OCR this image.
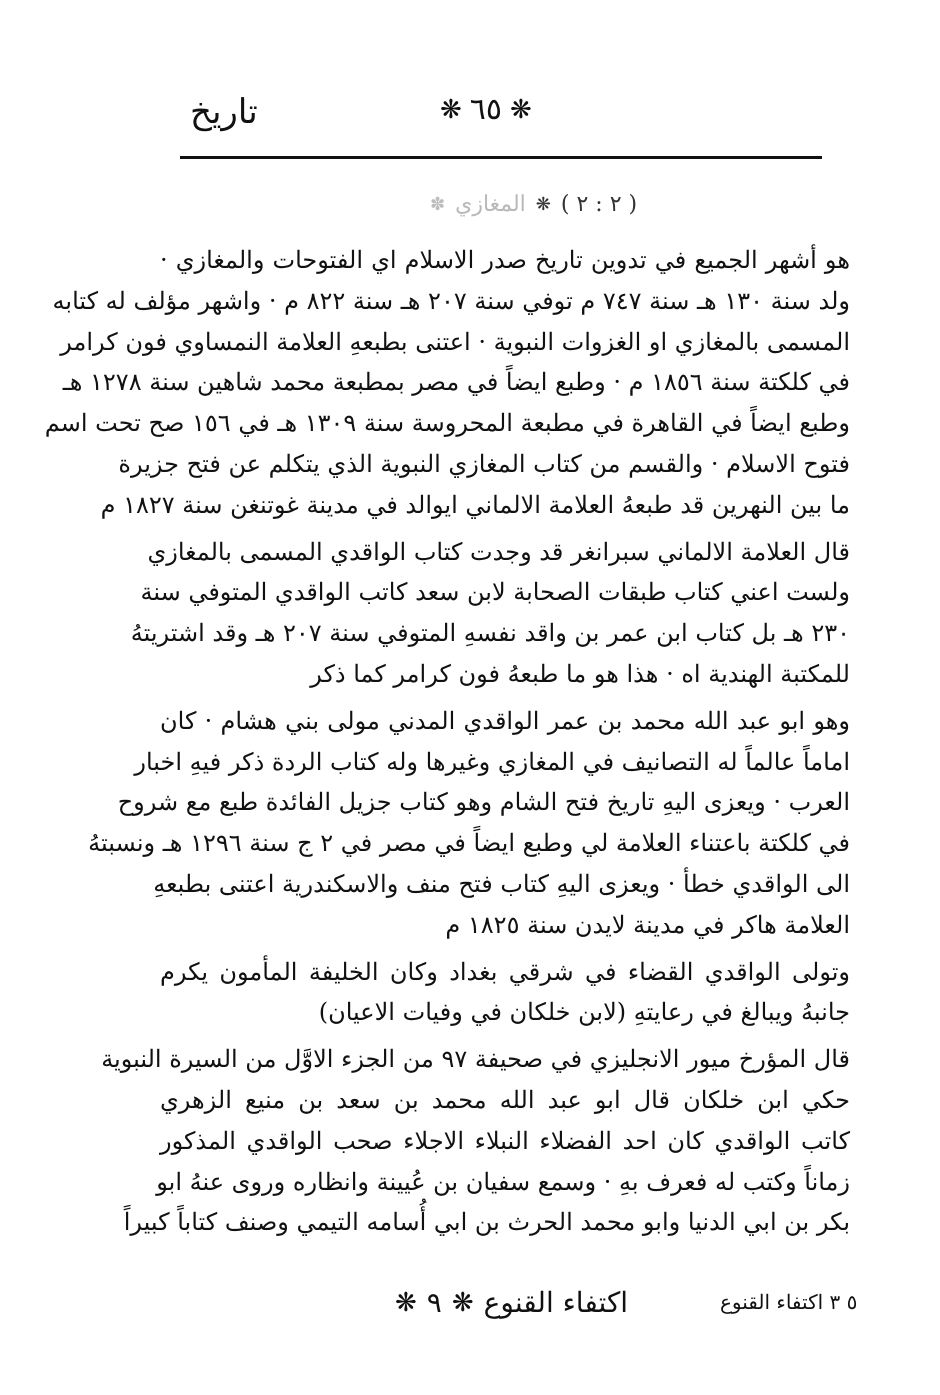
تاريخ	❋ ٦٥ ❋
✽ المغازي ❋ ( ٢ : ٢ )
هو أشهر الجميع في تدوين تاريخ صدر الاسلام اي الفتوحات والمغازي ·
ولد سنة ١٣٠ هـ سنة ٧٤٧ م توفي سنة ٢٠٧ هـ سنة ٨٢٢ م · واشهر مؤلف له كتابه
المسمى بالمغازي او الغزوات النبوية · اعتنى بطبعهِ العلامة النمساوي فون كرامر
في كلكتة سنة ١٨٥٦ م · وطبع ايضاً في مصر بمطبعة محمد شاهين سنة ١٢٧٨ هـ
وطبع ايضاً في القاهرة في مطبعة المحروسة سنة ١٣٠٩ هـ في ١٥٦ صح تحت اسم
فتوح الاسلام · والقسم من كتاب المغازي النبوية الذي يتكلم عن فتح جزيرة
ما بين النهرين قد طبعهُ العلامة الالماني ايوالد في مدينة غوتنغن سنة ١٨٢٧ م
قال العلامة الالماني سبرانغر قد وجدت كتاب الواقدي المسمى بالمغازي
ولست اعني كتاب طبقات الصحابة لابن سعد كاتب الواقدي المتوفي سنة
٢٣٠ هـ بل كتاب ابن عمر بن واقد نفسهِ المتوفي سنة ٢٠٧ هـ وقد اشتريتهُ
للمكتبة الهندية اه · هذا هو ما طبعهُ فون كرامر كما ذكر
وهو ابو عبد الله محمد بن عمر الواقدي المدني مولى بني هشام · كان
اماماً عالماً له التصانيف في المغازي وغيرها وله كتاب الردة ذكر فيهِ اخبار
العرب · ويعزى اليهِ تاريخ فتح الشام وهو كتاب جزيل الفائدة طبع مع شروح
في كلكتة باعتناء العلامة لي وطبع ايضاً في مصر في ٢ ج سنة ١٢٩٦ هـ ونسبتهُ
الى الواقدي خطأ · ويعزى اليهِ كتاب فتح منف والاسكندرية اعتنى بطبعهِ
العلامة هاكر في مدينة لايدن سنة ١٨٢٥ م
وتولى الواقدي القضاء في شرقي بغداد وكان الخليفة المأمون يكرم
جانبهُ ويبالغ في رعايتهِ (لابن خلكان في وفيات الاعيان)
قال المؤرخ ميور الانجليزي في صحيفة ٩٧ من الجزء الاوَّل من السيرة النبوية
حكي ابن خلكان قال ابو عبد الله محمد بن سعد بن منيع الزهري
كاتب الواقدي كان احد الفضلاء النبلاء الاجلاء صحب الواقدي المذكور
زماناً وكتب له فعرف بهِ · وسمع سفيان بن عُيينة وانظاره وروى عنهُ ابو
بكر بن ابي الدنيا وابو محمد الحرث بن ابي أُسامه التيمي وصنف كتاباً كبيراً
اكتفاء القنوع
❋
٩
❋	٥ ٣ اكتفاء القنوع
